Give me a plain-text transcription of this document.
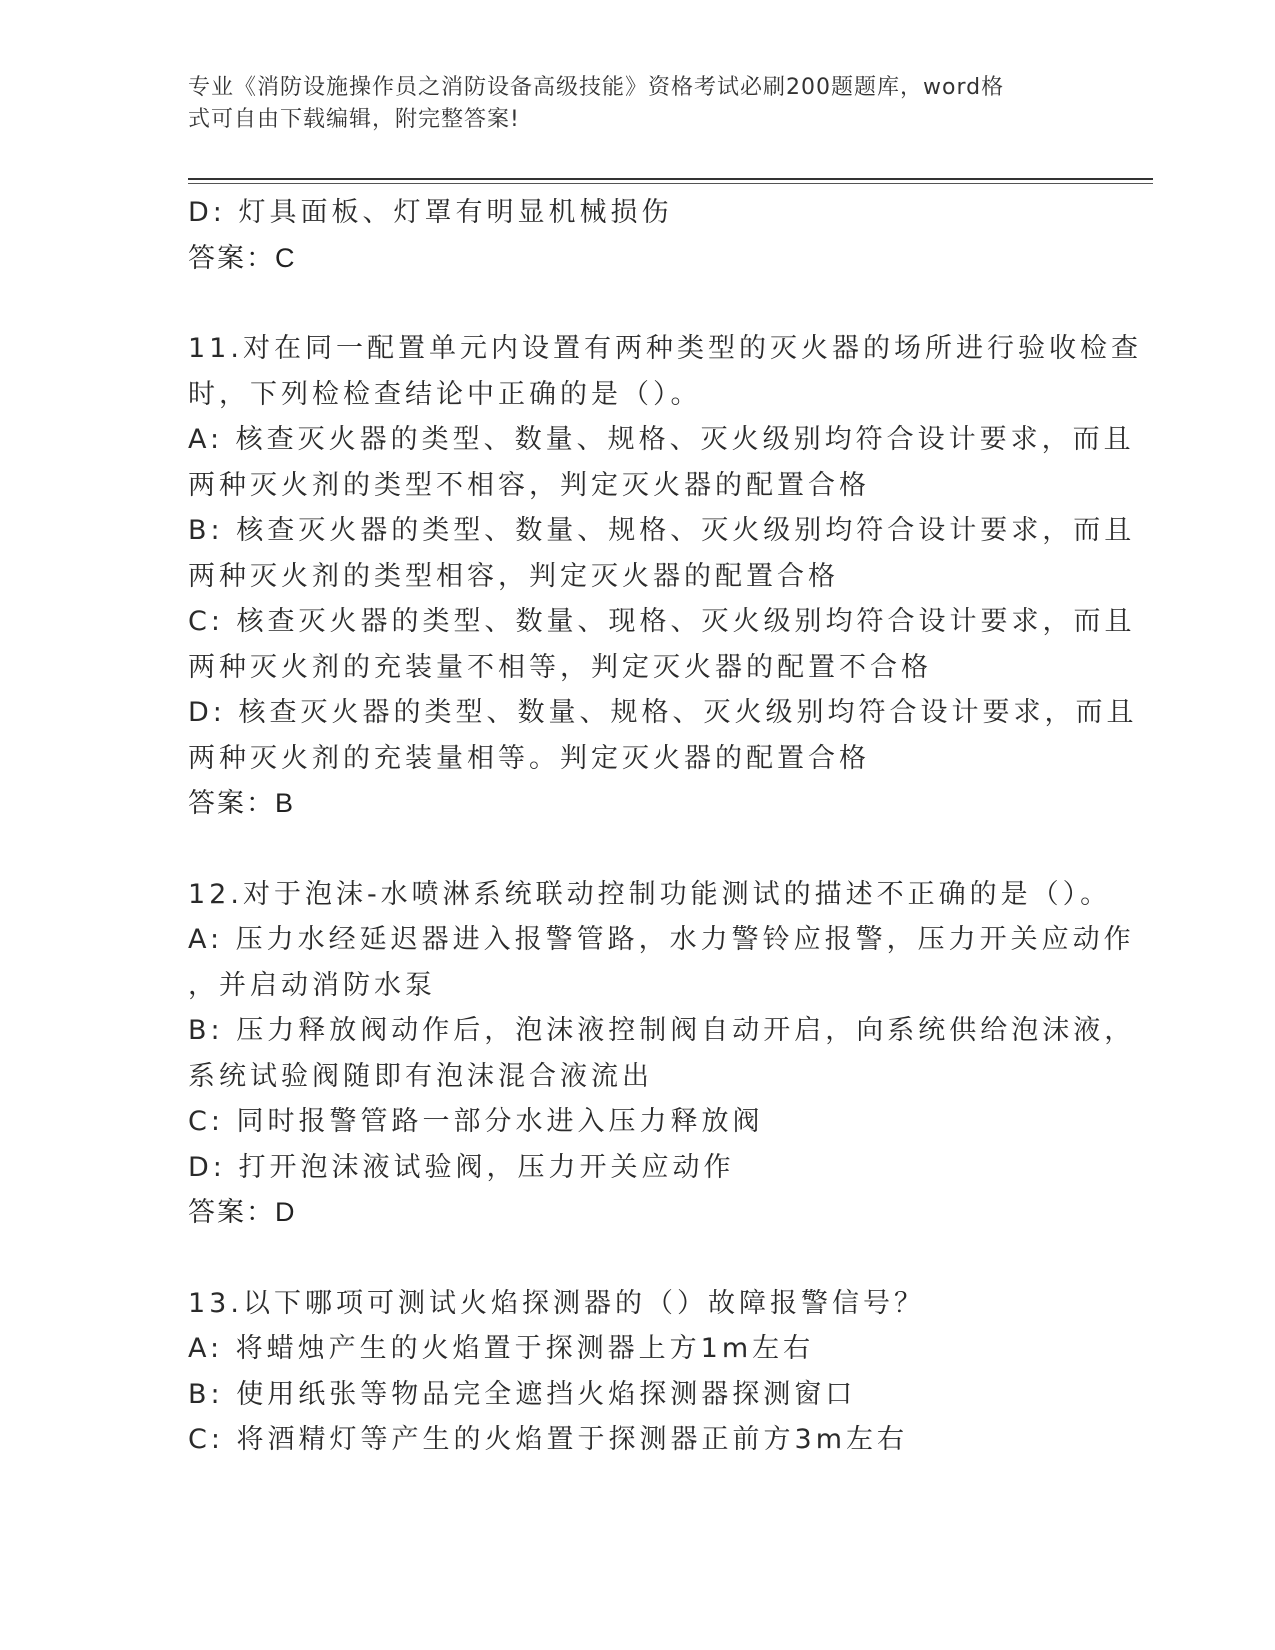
专业《消防设施操作员之消防设备高级技能》资格考试必刷200题题库，word格
式可自由下载编辑，附完整答案!
D: 灯具面板、灯罩有明显机械损伤
答案：C
11.对在同一配置单元内设置有两种类型的灭火器的场所进行验收检查
时，下列检检查结论中正确的是（）。
A: 核查灭火器的类型、数量、规格、灭火级别均符合设计要求，而且
两种灭火剂的类型不相容，判定灭火器的配置合格
B: 核查灭火器的类型、数量、规格、灭火级别均符合设计要求，而且
两种灭火剂的类型相容，判定灭火器的配置合格
C: 核查灭火器的类型、数量、现格、灭火级别均符合设计要求，而且
两种灭火剂的充装量不相等，判定灭火器的配置不合格
D: 核查灭火器的类型、数量、规格、灭火级别均符合设计要求，而且
两种灭火剂的充装量相等。判定灭火器的配置合格
答案：B
12.对于泡沫-水喷淋系统联动控制功能测试的描述不正确的是（）。
A: 压力水经延迟器进入报警管路，水力警铃应报警，压力开关应动作
，并启动消防水泵
B: 压力释放阀动作后，泡沫液控制阀自动开启，向系统供给泡沫液，
系统试验阀随即有泡沫混合液流出
C: 同时报警管路一部分水进入压力释放阀
D: 打开泡沫液试验阀，压力开关应动作
答案：D
13.以下哪项可测试火焰探测器的（）故障报警信号？
A: 将蜡烛产生的火焰置于探测器上方1m左右
B: 使用纸张等物品完全遮挡火焰探测器探测窗口
C: 将酒精灯等产生的火焰置于探测器正前方3m左右
